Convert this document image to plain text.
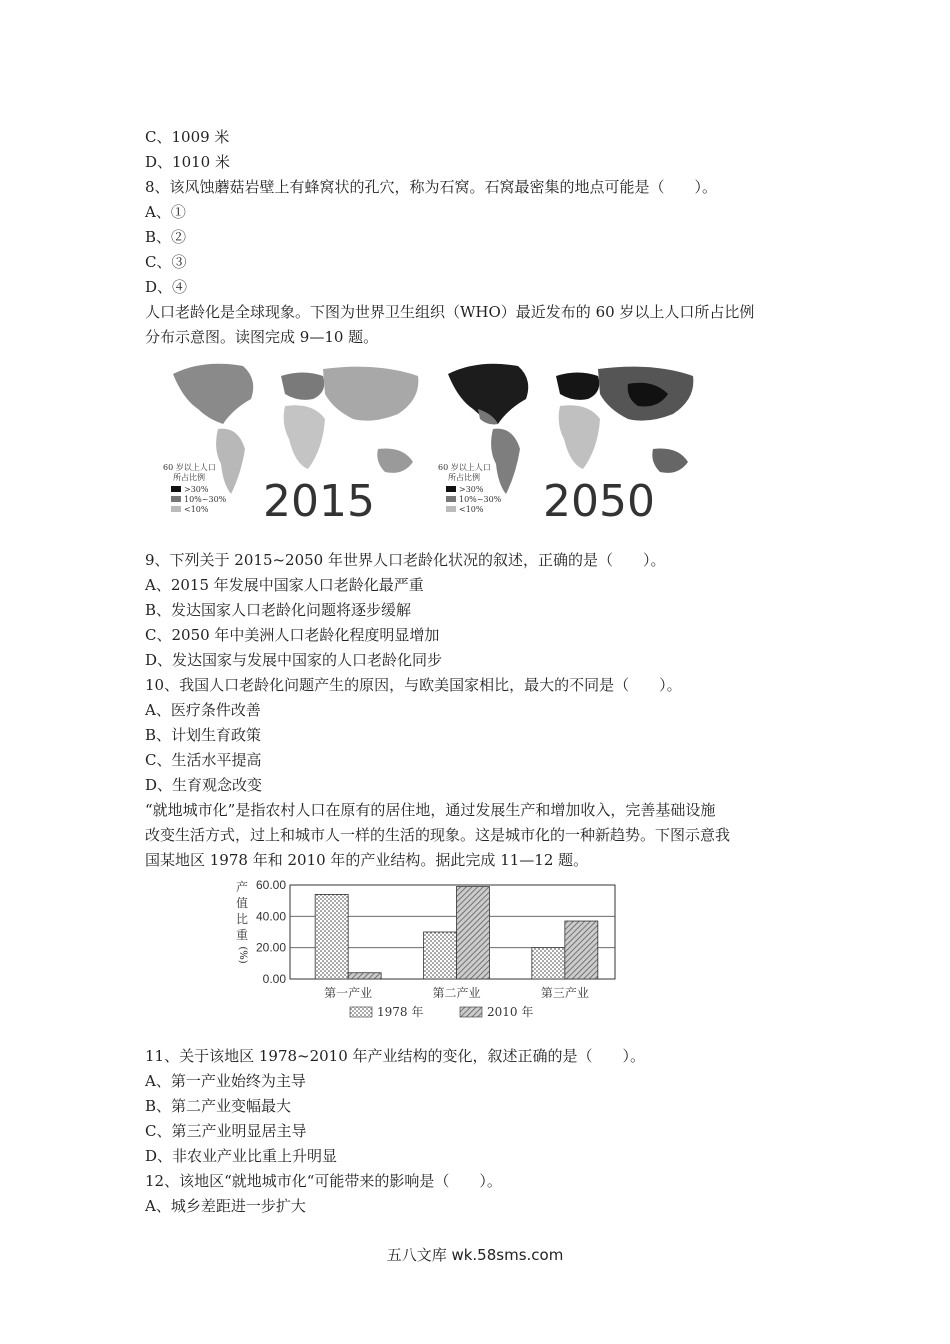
C、1009 米
D、1010 米
8、该风蚀蘑菇岩壁上有蜂窝状的孔穴，称为石窝。石窝最密集的地点可能是（　　）。
A、①
B、②
C、③
D、④
人口老龄化是全球现象。下图为世界卫生组织（WHO）最近发布的 60 岁以上人口所占比例
分布示意图。读图完成 9—10 题。
60 岁以上人口
所占比例
>30%
10%~30%
<10% 2015
60 岁以上人口
所占比例
>30%
10%~30%
<10% 2050
9、下列关于 2015~2050 年世界人口老龄化状况的叙述，正确的是（　　）。
A、2015 年发展中国家人口老龄化最严重
B、发达国家人口老龄化问题将逐步缓解
C、2050 年中美洲人口老龄化程度明显增加
D、发达国家与发展中国家的人口老龄化同步
10、我国人口老龄化问题产生的原因，与欧美国家相比，最大的不同是（　　）。
A、医疗条件改善
B、计划生育政策
C、生活水平提高
D、生育观念改变
“就地城市化”是指农村人口在原有的居住地，通过发展生产和增加收入，完善基础设施
改变生活方式，过上和城市人一样的生活的现象。这是城市化的一种新趋势。下图示意我
国某地区 1978 年和 2010 年的产业结构。据此完成 11—12 题。
0.00
20.00
40.00
60.00
产
值
比
重
(%)
第一产业	第二产业	第三产业
1978 年	2010 年
11、关于该地区 1978~2010 年产业结构的变化，叙述正确的是（　　）。
A、第一产业始终为主导
B、第二产业变幅最大
C、第三产业明显居主导
D、非农业产业比重上升明显
12、该地区“就地城市化“可能带来的影响是（　　）。
A、城乡差距进一步扩大
五八文库 wk.58sms.com
